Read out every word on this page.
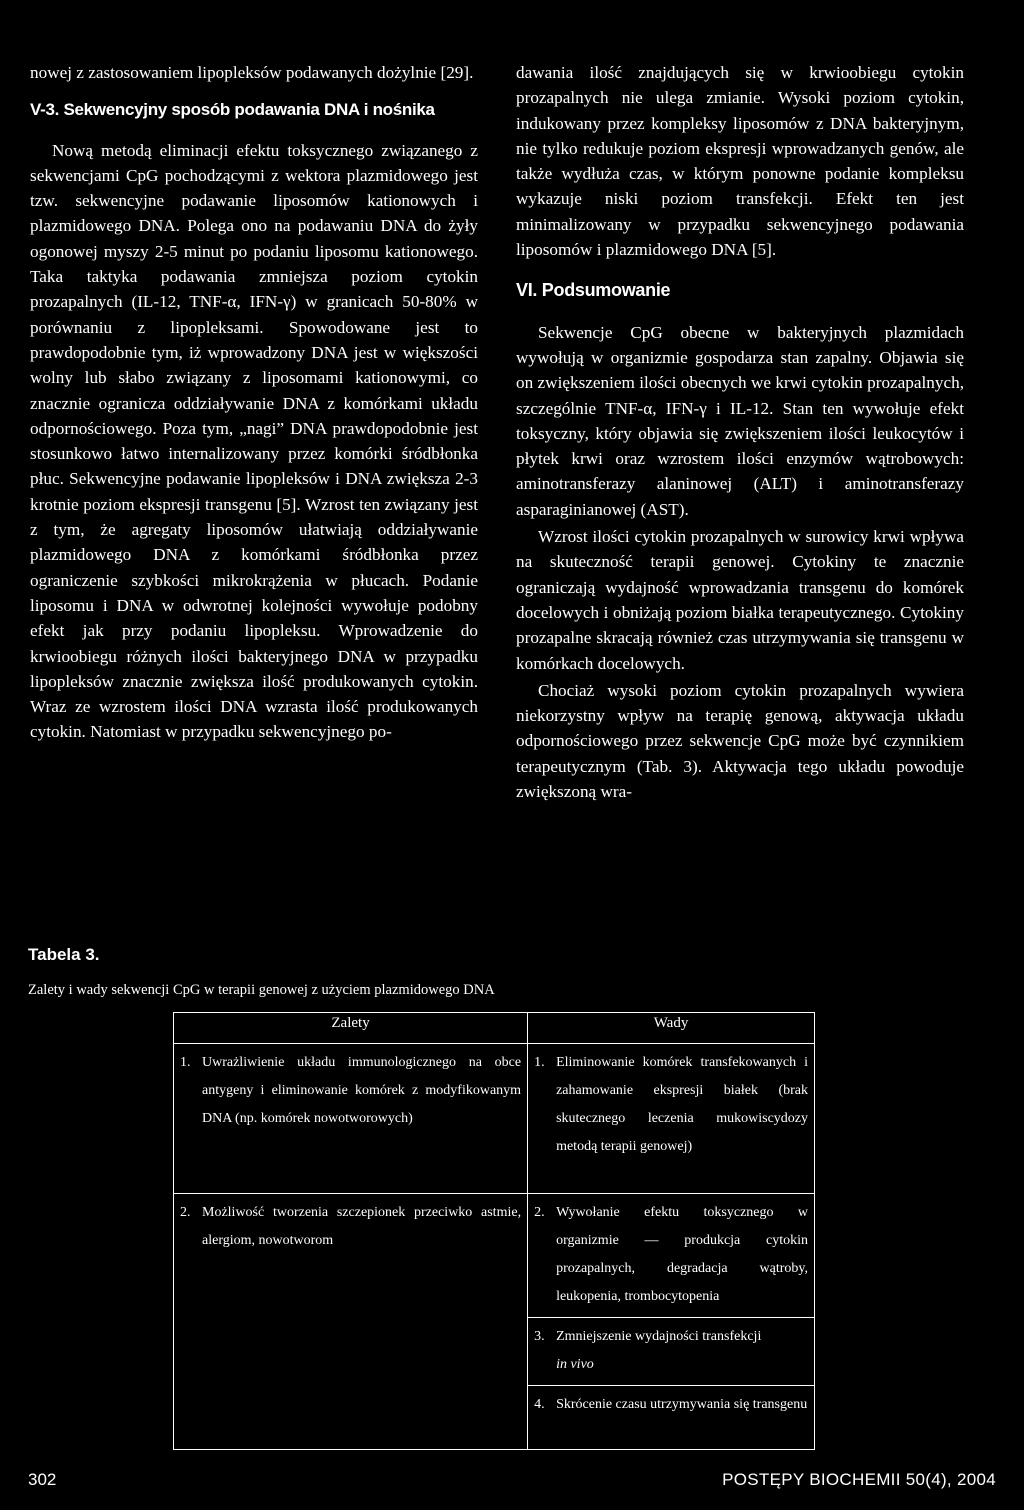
nowej z zastosowaniem lipopleksów podawanych dożylnie [29].

V-3. Sekwencyjny sposób podawania DNA i nośnika

Nową metodą eliminacji efektu toksycznego związanego z sekwencjami CpG pochodzącymi z wektora plazmidowego jest tzw. sekwencyjne podawanie liposomów kationowych i plazmidowego DNA. Polega ono na podawaniu DNA do żyły ogonowej myszy 2-5 minut po podaniu liposomu kationowego. Taka taktyka podawania zmniejsza poziom cytokin prozapalnych (IL-12, TNF-α, IFN-γ) w granicach 50-80% w porównaniu z lipopleksami. Spowodowane jest to prawdopodobnie tym, iż wprowadzony DNA jest w większości wolny lub słabo związany z liposomami kationowymi, co znacznie ogranicza oddziaływanie DNA z komórkami układu odpornościowego. Poza tym, „nagi” DNA prawdopodobnie jest stosunkowo łatwo internalizowany przez komórki śródbłonka płuc. Sekwencyjne podawanie lipopleksów i DNA zwiększa 2-3 krotnie poziom ekspresji transgenu [5]. Wzrost ten związany jest z tym, że agregaty liposomów ułatwiają oddziaływanie plazmidowego DNA z komórkami śródbłonka przez ograniczenie szybkości mikrokrążenia w płucach. Podanie liposomu i DNA w odwrotnej kolejności wywołuje podobny efekt jak przy podaniu lipopleksu. Wprowadzenie do krwioobiegu różnych ilości bakteryjnego DNA w przypadku lipopleksów znacznie zwiększa ilość produkowanych cytokin. Wraz ze wzrostem ilości DNA wzrasta ilość produkowanych cytokin. Natomiast w przypadku sekwencyjnego po-

dawania ilość znajdujących się w krwioobiegu cytokin prozapalnych nie ulega zmianie. Wysoki poziom cytokin, indukowany przez kompleksy liposomów z DNA bakteryjnym, nie tylko redukuje poziom ekspresji wprowadzanych genów, ale także wydłuża czas, w którym ponowne podanie kompleksu wykazuje niski poziom transfekcji. Efekt ten jest minimalizowany w przypadku sekwencyjnego podawania liposomów i plazmidowego DNA [5].

VI. Podsumowanie

Sekwencje CpG obecne w bakteryjnych plazmidach wywołują w organizmie gospodarza stan zapalny. Objawia się on zwiększeniem ilości obecnych we krwi cytokin prozapalnych, szczególnie TNF-α, IFN-γ i IL-12. Stan ten wywołuje efekt toksyczny, który objawia się zwiększeniem ilości leukocytów i płytek krwi oraz wzrostem ilości enzymów wątrobowych: aminotransferazy alaninowej (ALT) i aminotransferazy asparaginianowej (AST).

Wzrost ilości cytokin prozapalnych w surowicy krwi wpływa na skuteczność terapii genowej. Cytokiny te znacznie ograniczają wydajność wprowadzania transgenu do komórek docelowych i obniżają poziom białka terapeutycznego. Cytokiny prozapalne skracają również czas utrzymywania się transgenu w komórkach docelowych.

Chociaż wysoki poziom cytokin prozapalnych wywiera niekorzystny wpływ na terapię genową, aktywacja układu odpornościowego przez sekwencje CpG może być czynnikiem terapeutycznym (Tab. 3). Aktywacja tego układu powoduje zwiększoną wra-

Tabela 3.
Zalety i wady sekwencji CpG w terapii genowej z użyciem plazmidowego DNA
Zalety	Wady

1. Uwrażliwienie układu immunologicznego na obce antygeny i eliminowanie komórek z modyfikowanym DNA (np. komórek nowotworowych)	1. Eliminowanie komórek transfekowanych i zahamowanie ekspresji białek (brak skutecznego leczenia mukowiscydozy metodą terapii genowej)

2. Możliwość tworzenia szczepionek przeciwko astmie, alergiom, nowotworom	2. Wywołanie efektu toksycznego w organizmie — produkcja cytokin prozapalnych, degradacja wątroby, leukopenia, trombocytopenia

	3. Zmniejszenie wydajności transfekcji
in vivo

	4. Skrócenie czasu utrzymywania się transgenu
302	POSTĘPY BIOCHEMII 50(4), 2004
